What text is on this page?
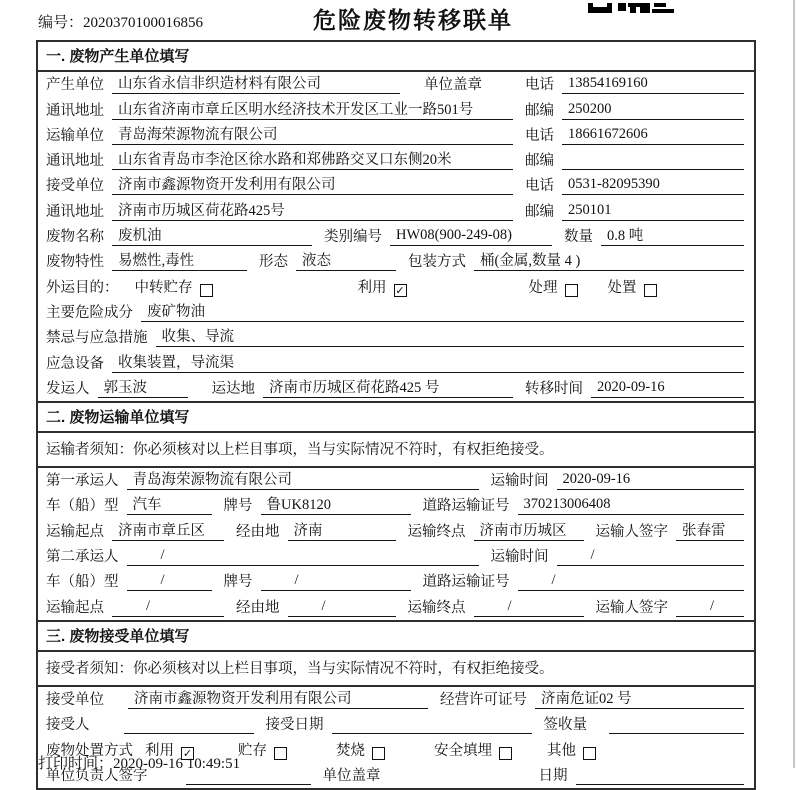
编号：2020370100016856	危险废物转移联单
一. 废物产生单位填写
产生单位 山东省永信非织造材料有限公司	单位盖章	电话 13854169160
通讯地址 山东省济南市章丘区明水经济技术开发区工业一路501号	邮编 250200
运输单位 青岛海荣源物流有限公司	电话 18661672606
通讯地址 山东省青岛市李沧区徐水路和郑佛路交叉口东侧20米	邮编
接受单位 济南市鑫源物资开发利用有限公司	电话 0531-82095390
通讯地址 济南市历城区荷花路425号	邮编 250101
废物名称 废机油	类别编号 HW08(900-249-08)	数量 0.8 吨
废物特性 易燃性,毒性	形态 液态	包装方式 桶(金属,数量 4 )
外运目的： 中转贮存	利用 ✓	处理	处置
主要危险成分 废矿物油
禁忌与应急措施 收集、导流
应急设备 收集装置，导流渠
发运人 郭玉波	运达地 济南市历城区荷花路425 号	转移时间 2020-09-16
二. 废物运输单位填写
运输者须知：你必须核对以上栏目事项，当与实际情况不符时，有权拒绝接受。
第一承运人 青岛海荣源物流有限公司	运输时间 2020-09-16
车（船）型 汽车	牌号 鲁UK8120	道路运输证号 370213006408
运输起点 济南市章丘区	经由地 济南	运输终点 济南市历城区	运输人签字 张春雷
第二承运人	/	运输时间	/
车（船）型	/	牌号	/	道路运输证号	/
运输起点	/	经由地	/	运输终点	/	运输人签字	/
三. 废物接受单位填写
接受者须知：你必须核对以上栏目事项，当与实际情况不符时，有权拒绝接受。
接受单位	济南市鑫源物资开发利用有限公司	经营许可证号 济南危证02 号
接受人	接受日期	签收量
废物处置方式 利用 ✓	贮存	焚烧	安全填埋	其他
单位负责人签字	单位盖章	日期
打印时间：2020-09-16 10:49:51
